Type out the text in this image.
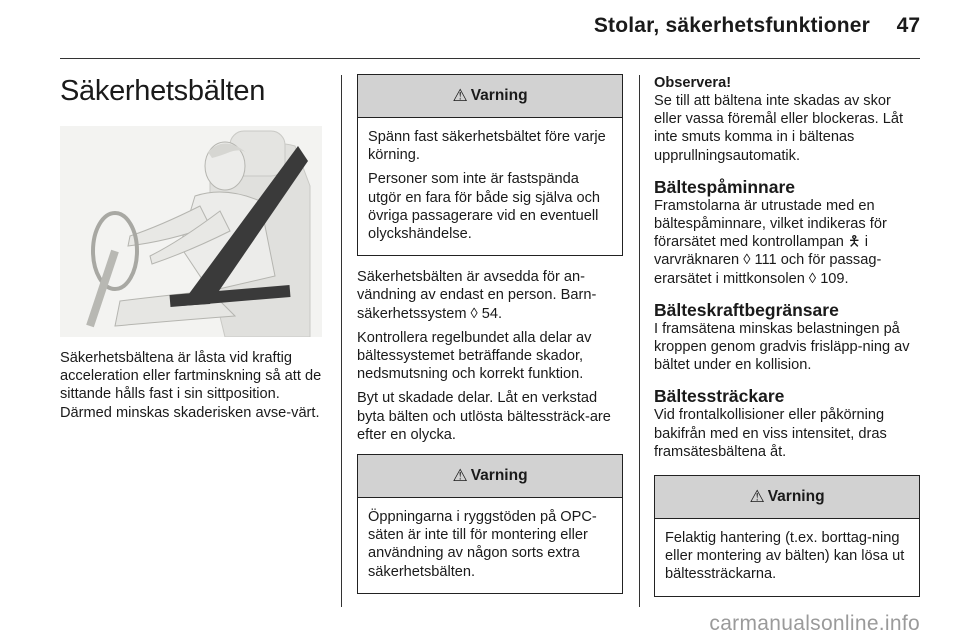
Stolar, säkerhetsfunktioner 47
Säkerhetsbälten

Säkerhetsbältena är låsta vid kraftig acceleration eller fartminskning så att de sittande hålls fast i sin sittposition. Därmed minskas skaderisken avse-värt.

⚠ Varning

Spänn fast säkerhetsbältet före varje körning.

Personer som inte är fastspända utgör en fara för både sig själva och övriga passagerare vid en eventuell olyckshändelse.

Säkerhetsbälten är avsedda för an-vändning av endast en person. Barn-säkerhetssystem ◊ 54.

Kontrollera regelbundet alla delar av bältessystemet beträffande skador, nedsmutsning och korrekt funktion.

Byt ut skadade delar. Låt en verkstad byta bälten och utlösta bältessträck-are efter en olycka.

⚠ Varning

Öppningarna i ryggstöden på OPC-säten är inte till för montering eller användning av någon sorts extra säkerhetsbälten.

Observera!

Se till att bältena inte skadas av skor eller vassa föremål eller blockeras. Låt inte smuts komma in i bältenas upprullningsautomatik.

Bältespåminnare

Framstolarna är utrustade med en bältespåminnare, vilket indikeras för förarsätet med kontrollampan 🯅 i varvräknaren ◊ 111 och för passag-erarsätet i mittkonsolen ◊ 109.

Bälteskraftbegränsare

I framsätena minskas belastningen på kroppen genom gradvis frisläpp-ning av bältet under en kollision.

Bältessträckare

Vid frontalkollisioner eller påkörning bakifrån med en viss intensitet, dras framsätesbältena åt.

⚠ Varning

Felaktig hantering (t.ex. borttag-ning eller montering av bälten) kan lösa ut bältessträckarna.

carmanualsonline.info
